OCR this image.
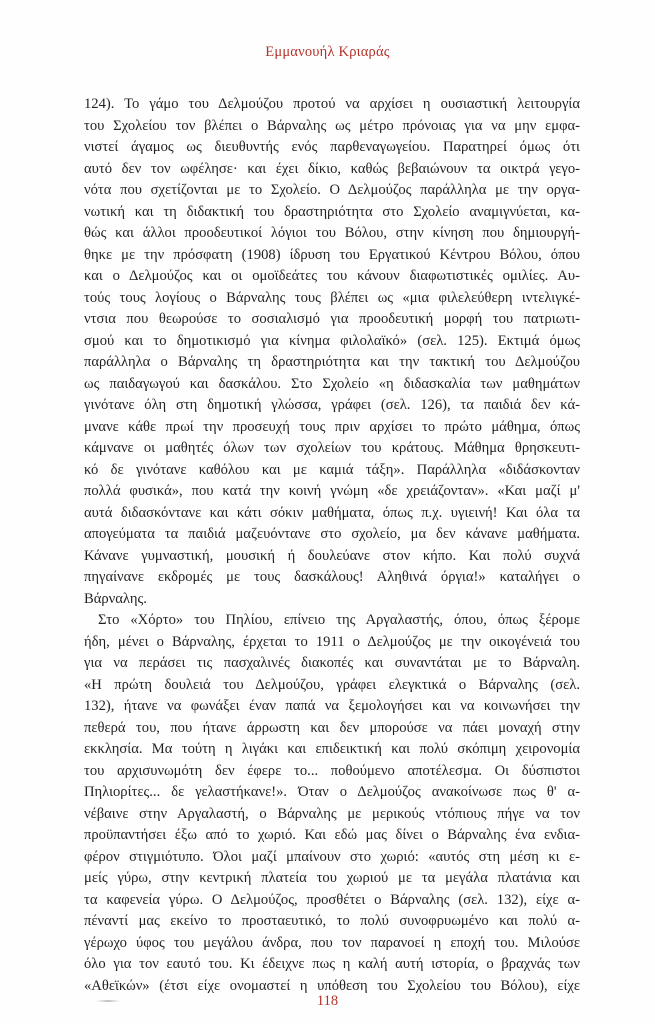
Εμμανουήλ Κριαράς
124). Το γάμο του Δελμούζου προτού να αρχίσει η ουσιαστική λειτουργία
του Σχολείου τον βλέπει ο Βάρναλης ως μέτρο πρόνοιας για να μην εμφα-
νιστεί άγαμος ως διευθυντής ενός παρθεναγωγείου. Παρατηρεί όμως ότι
αυτό δεν τον ωφέλησε· και έχει δίκιο, καθώς βεβαιώνουν τα οικτρά γεγο-
νότα που σχετίζονται με το Σχολείο. Ο Δελμούζος παράλληλα με την οργα-
νωτική και τη διδακτική του δραστηριότητα στο Σχολείο αναμιγνύεται, κα-
θώς και άλλοι προοδευτικοί λόγιοι του Βόλου, στην κίνηση που δημιουργή-
θηκε με την πρόσφατη (1908) ίδρυση του Εργατικού Κέντρου Βόλου, όπου
και ο Δελμούζος και οι ομοϊδεάτες του κάνουν διαφωτιστικές ομιλίες. Αυ-
τούς τους λογίους ο Βάρναλης τους βλέπει ως «μια φιλελεύθερη ιντελιγκέ-
ντσια που θεωρούσε το σοσιαλισμό για προοδευτική μορφή του πατριωτι-
σμού και το δημοτικισμό για κίνημα φιλολαϊκό» (σελ. 125). Εκτιμά όμως
παράλληλα ο Βάρναλης τη δραστηριότητα και την τακτική του Δελμούζου
ως παιδαγωγού και δασκάλου. Στο Σχολείο «η διδασκαλία των μαθημάτων
γινότανε όλη στη δημοτική γλώσσα, γράφει (σελ. 126), τα παιδιά δεν κά-
μνανε κάθε πρωί την προσευχή τους πριν αρχίσει το πρώτο μάθημα, όπως
κάμνανε οι μαθητές όλων των σχολείων του κράτους. Μάθημα θρησκευτι-
κό δε γινότανε καθόλου και με καμιά τάξη». Παράλληλα «διδάσκονταν
πολλά φυσικά», που κατά την κοινή γνώμη «δε χρειάζονταν». «Και μαζί μ'
αυτά διδασκόντανε και κάτι σόκιν μαθήματα, όπως π.χ. υγιεινή! Και όλα τα
απογεύματα τα παιδιά μαζευόντανε στο σχολείο, μα δεν κάνανε μαθήματα.
Κάνανε γυμναστική, μουσική ή δουλεύανε στον κήπο. Και πολύ συχνά
πηγαίνανε εκδρομές με τους δασκάλους! Αληθινά όργια!» καταλήγει ο
Βάρναλης.
Στο «Χόρτο» του Πηλίου, επίνειο της Αργαλαστής, όπου, όπως ξέρομε
ήδη, μένει ο Βάρναλης, έρχεται το 1911 ο Δελμούζος με την οικογένειά του
για να περάσει τις πασχαλινές διακοπές και συναντάται με το Βάρναλη.
«Η πρώτη δουλειά του Δελμούζου, γράφει ελεγκτικά ο Βάρναλης (σελ.
132), ήτανε να φωνάξει έναν παπά να ξεμολογήσει και να κοινωνήσει την
πεθερά του, που ήτανε άρρωστη και δεν μπορούσε να πάει μοναχή στην
εκκλησία. Μα τούτη η λιγάκι και επιδεικτική και πολύ σκόπιμη χειρονομία
του αρχισυνωμότη δεν έφερε το... ποθούμενο αποτέλεσμα. Οι δύσπιστοι
Πηλιορίτες... δε γελαστήκανε!». Όταν ο Δελμούζος ανακοίνωσε πως θ' α-
νέβαινε στην Αργαλαστή, ο Βάρναλης με μερικούς ντόπιους πήγε να τον
προϋπαντήσει έξω από το χωριό. Και εδώ μας δίνει ο Βάρναλης ένα ενδια-
φέρον στιγμιότυπο. Όλοι μαζί μπαίνουν στο χωριό: «αυτός στη μέση κι ε-
μείς γύρω, στην κεντρική πλατεία του χωριού με τα μεγάλα πλατάνια και
τα καφενεία γύρω. Ο Δελμούζος, προσθέτει ο Βάρναλης (σελ. 132), είχε α-
πέναντί μας εκείνο το προσταευτικό, το πολύ συνοφρυωμένο και πολύ α-
γέρωχο ύφος του μεγάλου άνδρα, που τον παρανοεί η εποχή του. Μιλούσε
όλο για τον εαυτό του. Κι έδειχνε πως η καλή αυτή ιστορία, ο βραχνάς των
«Αθεϊκών» (έτσι είχε ονομαστεί η υπόθεση του Σχολείου του Βόλου), είχε
118
